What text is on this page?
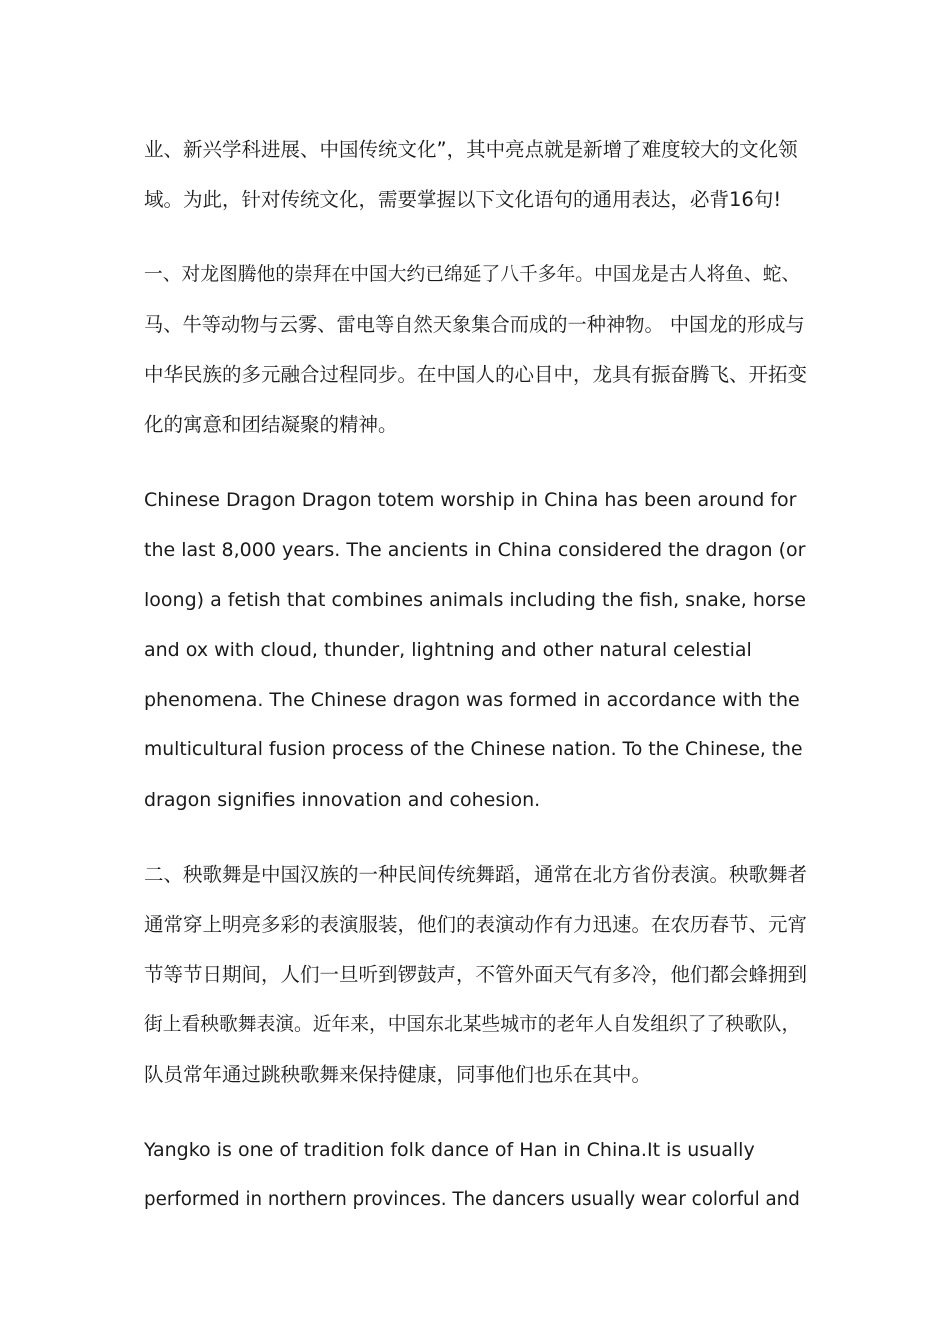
业、新兴学科进展、中国传统文化”，其中亮点就是新增了难度较大的文化领
域。为此，针对传统文化，需要掌握以下文化语句的通用表达，必背16句!
一、对龙图腾他的崇拜在中国大约已绵延了八千多年。中国龙是古人将鱼、蛇、
马、牛等动物与云雾、雷电等自然天象集合而成的一种神物。 中国龙的形成与
中华民族的多元融合过程同步。在中国人的心目中，龙具有振奋腾飞、开拓变
化的寓意和团结凝聚的精神。
Chinese Dragon Dragon totem worship in China has been around for
the last 8,000 years. The ancients in China considered the dragon (or
loong) a fetish that combines animals including the fish, snake, horse
and ox with cloud, thunder, lightning and other natural celestial
phenomena. The Chinese dragon was formed in accordance with the
multicultural fusion process of the Chinese nation. To the Chinese, the
dragon signifies innovation and cohesion.
二、秧歌舞是中国汉族的一种民间传统舞蹈，通常在北方省份表演。秧歌舞者
通常穿上明亮多彩的表演服装，他们的表演动作有力迅速。在农历春节、元宵
节等节日期间，人们一旦听到锣鼓声，不管外面天气有多冷，他们都会蜂拥到
街上看秧歌舞表演。近年来，中国东北某些城市的老年人自发组织了了秧歌队，
队员常年通过跳秧歌舞来保持健康，同事他们也乐在其中。
Yangko is one of tradition folk dance of Han in China.It is usually
performed in northern provinces. The dancers usually wear colorful and
